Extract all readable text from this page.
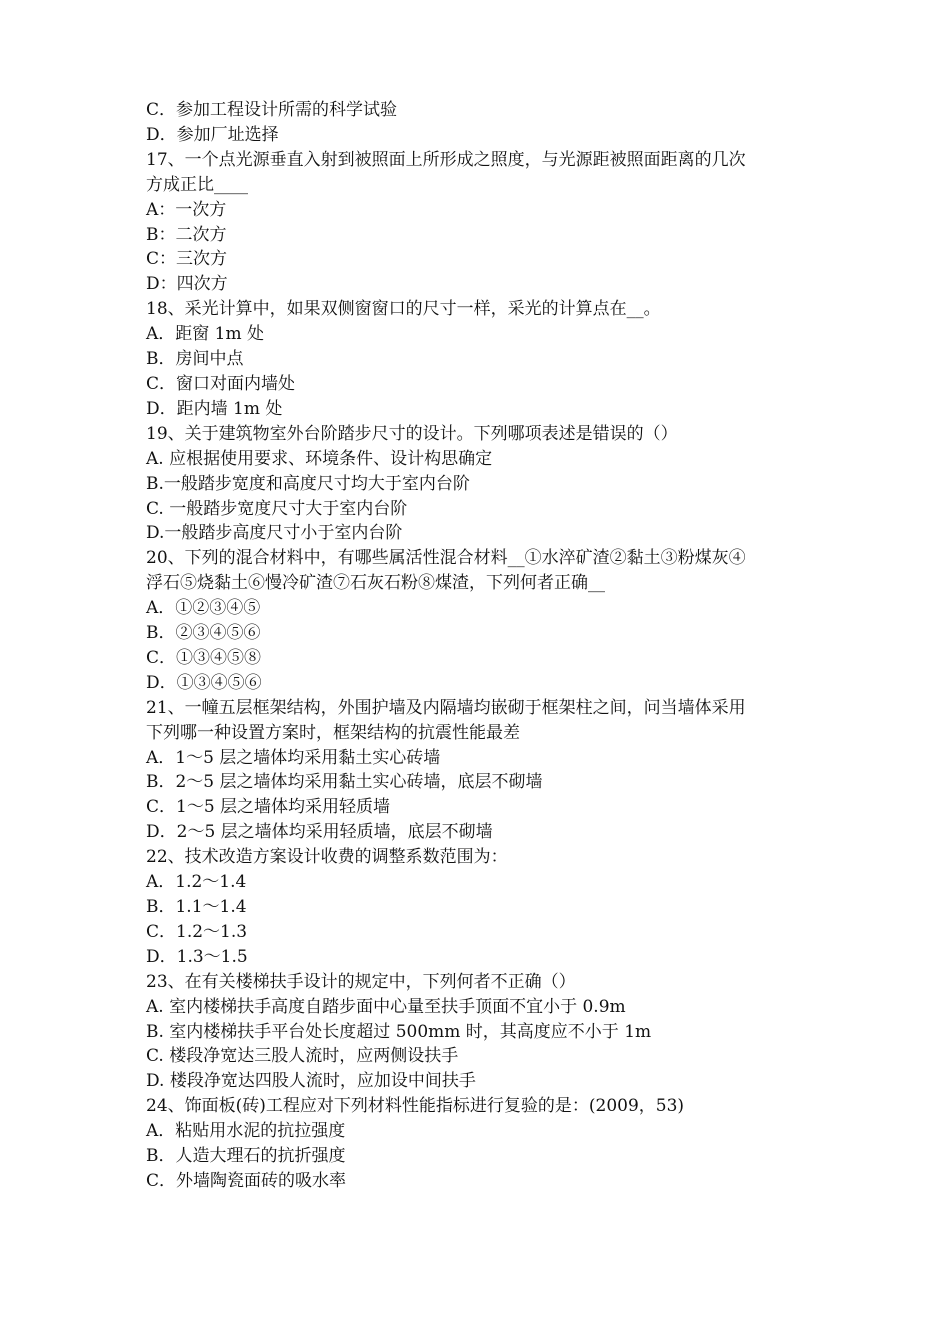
C．参加工程设计所需的科学试验
D．参加厂址选择
17、一个点光源垂直入射到被照面上所形成之照度，与光源距被照面距离的几次
方成正比____
A：一次方
B：二次方
C：三次方
D：四次方
18、采光计算中，如果双侧窗窗口的尺寸一样，采光的计算点在__。
A．距窗 1m 处
B．房间中点
C．窗口对面内墙处
D．距内墙 1m 处
19、关于建筑物室外台阶踏步尺寸的设计。下列哪项表述是错误的（）
A. 应根据使用要求、环境条件、设计构思确定
B.一般踏步宽度和高度尺寸均大于室内台阶
C. 一般踏步宽度尺寸大于室内台阶
D.一般踏步高度尺寸小于室内台阶
20、下列的混合材料中，有哪些属活性混合材料__①水淬矿渣②黏土③粉煤灰④
浮石⑤烧黏土⑥慢冷矿渣⑦石灰石粉⑧煤渣，下列何者正确__
A．①②③④⑤
B．②③④⑤⑥
C．①③④⑤⑧
D．①③④⑤⑥
21、一幢五层框架结构，外围护墙及内隔墙均嵌砌于框架柱之间，问当墙体采用
下列哪一种设置方案时，框架结构的抗震性能最差
A．1～5 层之墙体均采用黏土实心砖墙
B．2～5 层之墙体均采用黏土实心砖墙，底层不砌墙
C．1～5 层之墙体均采用轻质墙
D．2～5 层之墙体均采用轻质墙，底层不砌墙
22、技术改造方案设计收费的调整系数范围为：
A．1.2～1.4
B．1.1～1.4
C．1.2～1.3
D．1.3～1.5
23、在有关楼梯扶手设计的规定中，下列何者不正确（）
A. 室内楼梯扶手高度自踏步面中心量至扶手顶面不宜小于 0.9m
B. 室内楼梯扶手平台处长度超过 500mm 时，其高度应不小于 1m
C. 楼段净宽达三股人流时，应两侧设扶手
D. 楼段净宽达四股人流时，应加设中间扶手
24、饰面板(砖)工程应对下列材料性能指标进行复验的是：(2009，53)
A．粘贴用水泥的抗拉强度
B．人造大理石的抗折强度
C．外墙陶瓷面砖的吸水率
